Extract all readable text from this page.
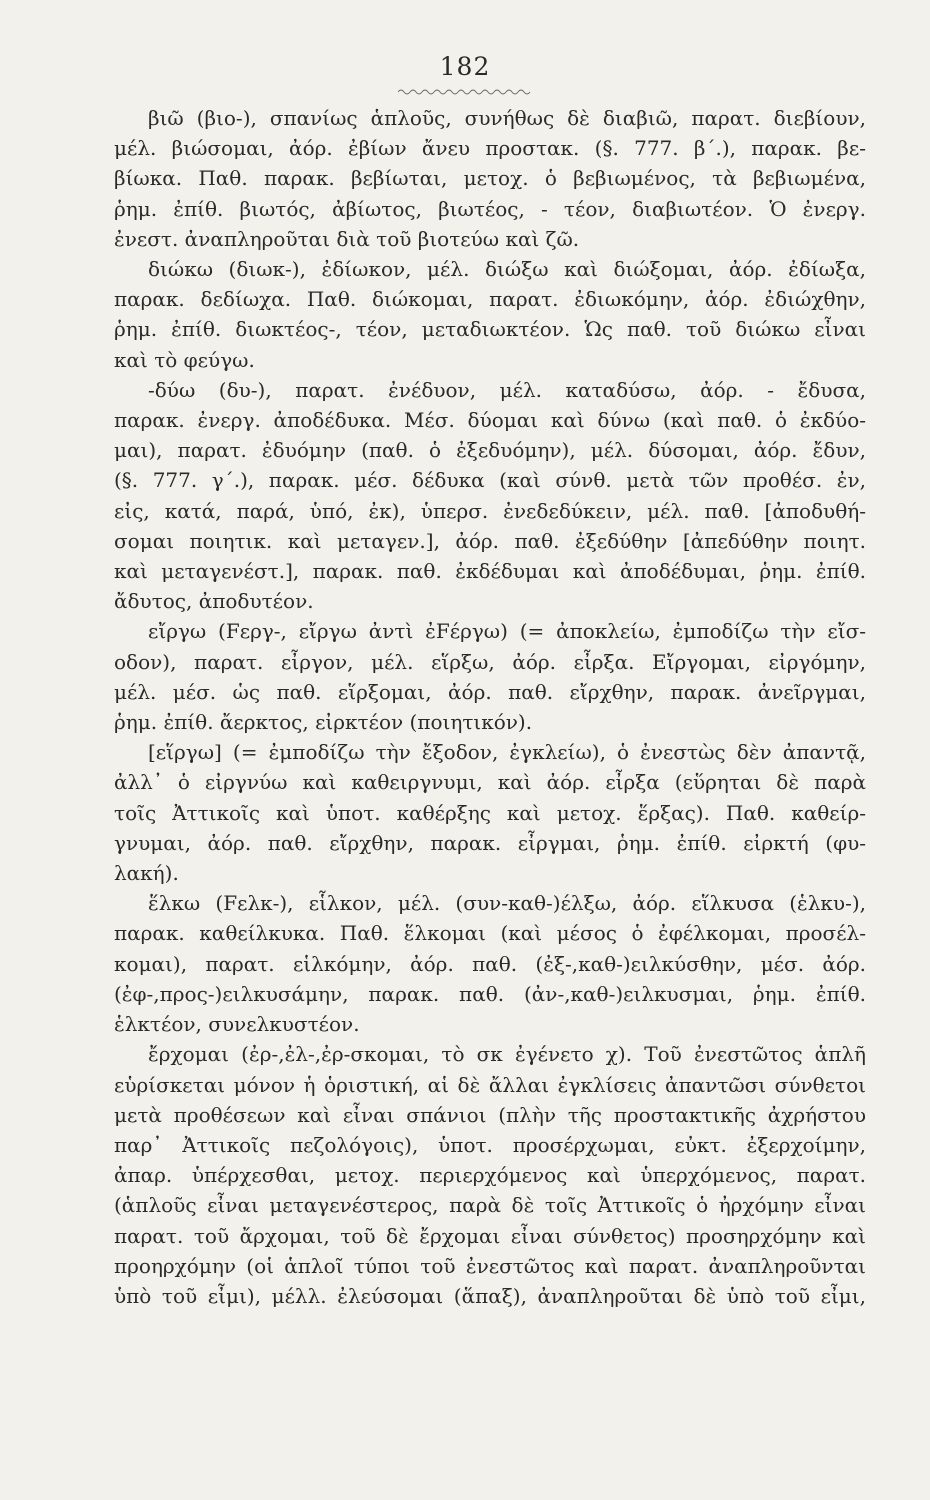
182
βιῶ (βιο-), σπανίως ἁπλοῦς, συνήθως δὲ διαβιῶ, παρατ. διεβίουν,
μέλ. βιώσομαι, ἀόρ. ἐβίων ἄνευ προστακ. (§. 777. β΄.), παρακ. βε-
βίωκα. Παθ. παρακ. βεβίωται, μετοχ. ὁ βεβιωμένος, τὰ βεβιωμένα,
ῥημ. ἐπίθ. βιωτός, ἀβίωτος, βιωτέος, - τέον, διαβιωτέον. Ὁ ἐνεργ.
ἐνεστ. ἀναπληροῦται διὰ τοῦ βιοτεύω καὶ ζῶ.
διώκω (διωκ-), ἐδίωκον, μέλ. διώξω καὶ διώξομαι, ἀόρ. ἐδίωξα,
παρακ. δεδίωχα. Παθ. διώκομαι, παρατ. ἐδιωκόμην, ἀόρ. ἐδιώχθην,
ῥημ. ἐπίθ. διωκτέος-, τέον, μεταδιωκτέον. Ὡς παθ. τοῦ διώκω εἶναι
καὶ τὸ φεύγω.
-δύω (δυ-), παρατ. ἐνέδυον, μέλ. καταδύσω, ἀόρ. - ἔδυσα,
παρακ. ἐνεργ. ἀποδέδυκα. Μέσ. δύομαι καὶ δύνω (καὶ παθ. ὁ ἐκδύο-
μαι), παρατ. ἐδυόμην (παθ. ὁ ἐξεδυόμην), μέλ. δύσομαι, ἀόρ. ἔδυν,
(§. 777. γ΄.), παρακ. μέσ. δέδυκα (καὶ σύνθ. μετὰ τῶν προθέσ. ἐν,
εἰς, κατά, παρά, ὑπό, ἐκ), ὑπερσ. ἐνεδεδύκειν, μέλ. παθ. [ἀποδυθή-
σομαι ποιητικ. καὶ μεταγεν.], ἀόρ. παθ. ἐξεδύθην [ἀπεδύθην ποιητ.
καὶ μεταγενέστ.], παρακ. παθ. ἐκδέδυμαι καὶ ἀποδέδυμαι, ῥημ. ἐπίθ.
ἄδυτος, ἀποδυτέον.
εἴργω (Fεργ-, εἴργω ἀντὶ ἐFέργω) (= ἀποκλείω, ἐμποδίζω τὴν εἴσ-
οδον), παρατ. εἶργον, μέλ. εἵρξω, ἀόρ. εἶρξα. Εἴργομαι, εἰργόμην,
μέλ. μέσ. ὡς παθ. εἵρξομαι, ἀόρ. παθ. εἴρχθην, παρακ. ἀνεῖργμαι,
ῥημ. ἐπίθ. ἄερκτος, εἰρκτέον (ποιητικόν).
[εἵργω] (= ἐμποδίζω τὴν ἔξοδον, ἐγκλείω), ὁ ἐνεστὼς δὲν ἀπαντᾷ,
ἀλλ᾽ ὁ εἰργνύω καὶ καθειργνυμι, καὶ ἀόρ. εἶρξα (εὕρηται δὲ παρὰ
τοῖς Ἀττικοῖς καὶ ὑποτ. καθέρξης καὶ μετοχ. ἕρξας). Παθ. καθείρ-
γνυμαι, ἀόρ. παθ. εἴρχθην, παρακ. εἶργμαι, ῥημ. ἐπίθ. εἰρκτή (φυ-
λακή).
ἕλκω (Fελκ-), εἷλκον, μέλ. (συν-καθ-)έλξω, ἀόρ. εἵλκυσα (ἑλκυ-),
παρακ. καθείλκυκα. Παθ. ἕλκομαι (καὶ μέσος ὁ ἐφέλκομαι, προσέλ-
κομαι), παρατ. εἱλκόμην, ἀόρ. παθ. (ἐξ-,καθ-)ειλκύσθην, μέσ. ἀόρ.
(ἐφ-,προς-)ειλκυσάμην, παρακ. παθ. (ἀν-,καθ-)ειλκυσμαι, ῥημ. ἐπίθ.
ἑλκτέον, συνελκυστέον.
ἔρχομαι (ἐρ-,ἐλ-,ἐρ-σκομαι, τὸ σκ ἐγένετο χ). Τοῦ ἐνεστῶτος ἁπλῆ
εὑρίσκεται μόνον ἡ ὁριστική, αἱ δὲ ἄλλαι ἐγκλίσεις ἀπαντῶσι σύνθετοι
μετὰ προθέσεων καὶ εἶναι σπάνιοι (πλὴν τῆς προστακτικῆς ἀχρήστου
παρ᾽ Ἀττικοῖς πεζολόγοις), ὑποτ. προσέρχωμαι, εὐκτ. ἐξερχοίμην,
ἀπαρ. ὑπέρχεσθαι, μετοχ. περιερχόμενος καὶ ὑπερχόμενος, παρατ.
(ἁπλοῦς εἶναι μεταγενέστερος, παρὰ δὲ τοῖς Ἀττικοῖς ὁ ἠρχόμην εἶναι
παρατ. τοῦ ἄρχομαι, τοῦ δὲ ἔρχομαι εἶναι σύνθετος) προσηρχόμην καὶ
προηρχόμην (οἱ ἁπλοῖ τύποι τοῦ ἐνεστῶτος καὶ παρατ. ἀναπληροῦνται
ὑπὸ τοῦ εἶμι), μέλλ. ἐλεύσομαι (ἅπαξ), ἀναπληροῦται δὲ ὑπὸ τοῦ εἶμι,
